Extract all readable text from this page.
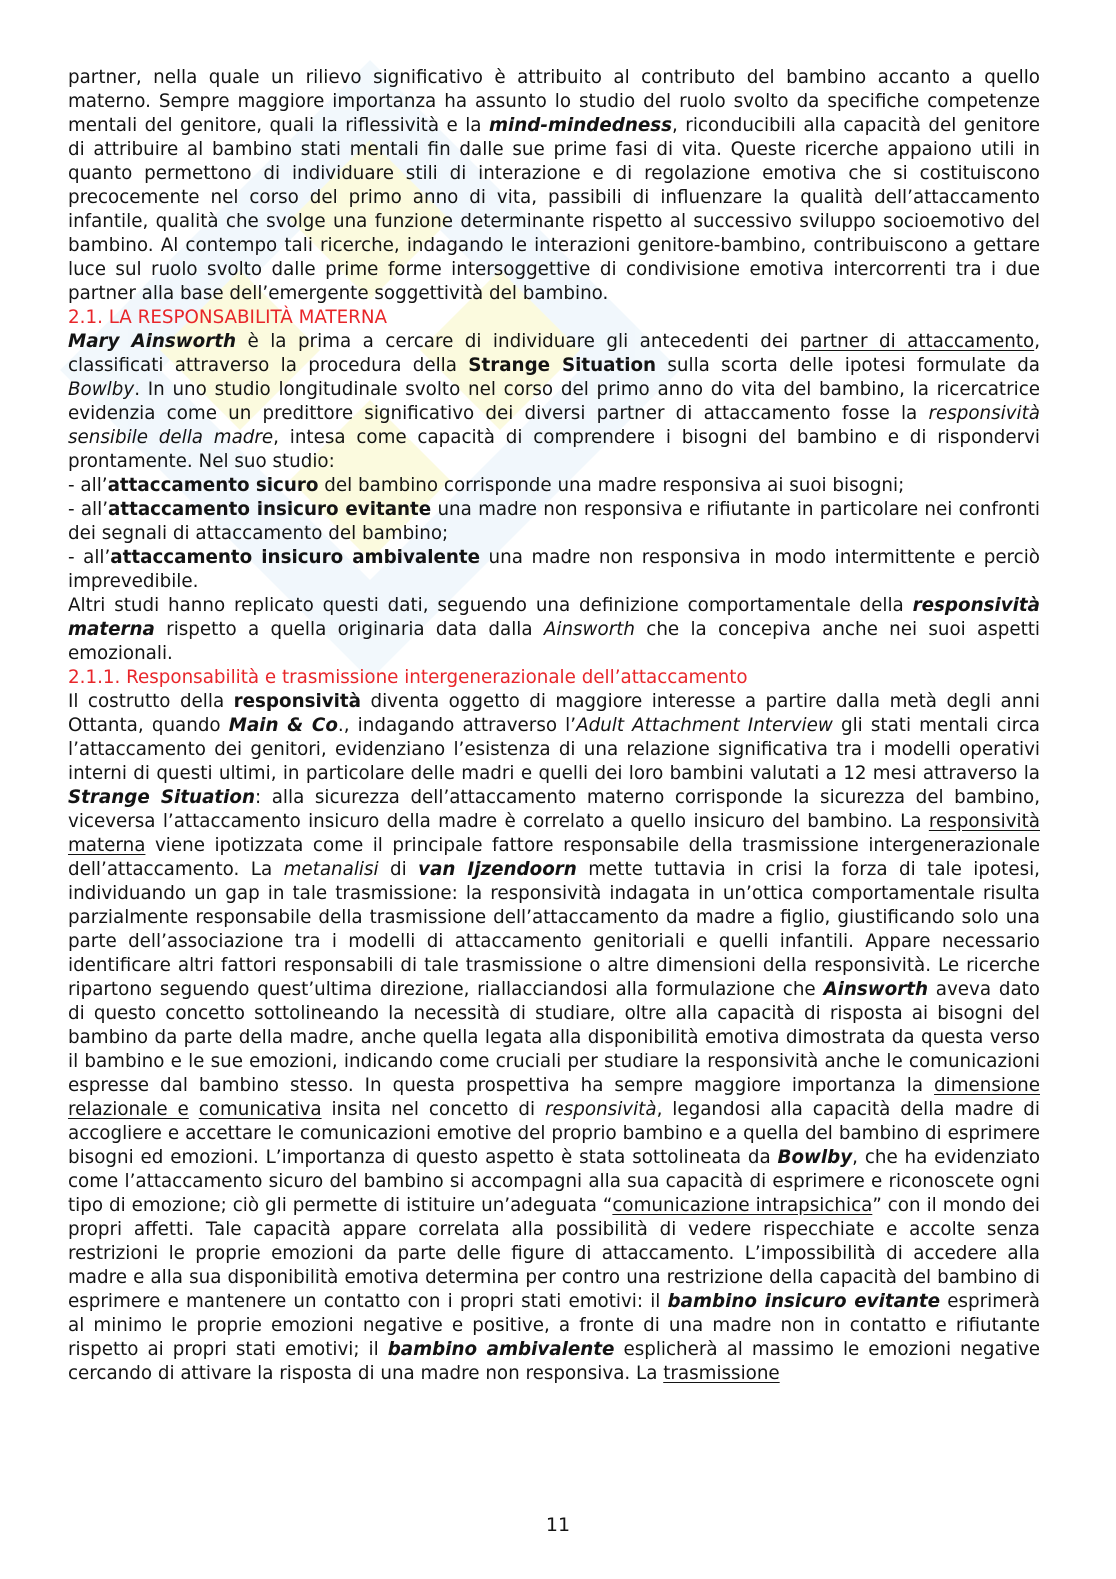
partner, nella quale un rilievo significativo è attribuito al contributo del bambino accanto a quello materno. Sempre maggiore importanza ha assunto lo studio del ruolo svolto da specifiche competenze mentali del genitore, quali la riflessività e la mind-mindedness, riconducibili alla capacità del genitore di attribuire al bambino stati mentali fin dalle sue prime fasi di vita. Queste ricerche appaiono utili in quanto permettono di individuare stili di interazione e di regolazione emotiva che si costituiscono precocemente nel corso del primo anno di vita, passibili di influenzare la qualità dell’attaccamento infantile, qualità che svolge una funzione determinante rispetto al successivo sviluppo socioemotivo del bambino. Al contempo tali ricerche, indagando le interazioni genitore-bambino, contribuiscono a gettare luce sul ruolo svolto dalle prime forme intersoggettive di condivisione emotiva intercorrenti tra i due partner alla base dell’emergente soggettività del bambino.

2.1. LA RESPONSABILITÀ MATERNA

Mary Ainsworth è la prima a cercare di individuare gli antecedenti dei partner di attaccamento, classificati attraverso la procedura della Strange Situation sulla scorta delle ipotesi formulate da Bowlby. In uno studio longitudinale svolto nel corso del primo anno do vita del bambino, la ricercatrice evidenzia come un predittore significativo dei diversi partner di attaccamento fosse la responsività sensibile della madre, intesa come capacità di comprendere i bisogni del bambino e di rispondervi prontamente. Nel suo studio:

- all’attaccamento sicuro del bambino corrisponde una madre responsiva ai suoi bisogni;

- all’attaccamento insicuro evitante una madre non responsiva e rifiutante in particolare nei confronti dei segnali di attaccamento del bambino;

- all’attaccamento insicuro ambivalente una madre non responsiva in modo intermittente e perciò imprevedibile.

Altri studi hanno replicato questi dati, seguendo una definizione comportamentale della responsività materna rispetto a quella originaria data dalla Ainsworth che la concepiva anche nei suoi aspetti emozionali.

2.1.1. Responsabilità e trasmissione intergenerazionale dell’attaccamento

Il costrutto della responsività diventa oggetto di maggiore interesse a partire dalla metà degli anni Ottanta, quando Main & Co., indagando attraverso l’Adult Attachment Interview gli stati mentali circa l’attaccamento dei genitori, evidenziano l’esistenza di una relazione significativa tra i modelli operativi interni di questi ultimi, in particolare delle madri e quelli dei loro bambini valutati a 12 mesi attraverso la Strange Situation: alla sicurezza dell’attaccamento materno corrisponde la sicurezza del bambino, viceversa l’attaccamento insicuro della madre è correlato a quello insicuro del bambino. La responsività materna viene ipotizzata come il principale fattore responsabile della trasmissione intergenerazionale dell’attaccamento. La metanalisi di van Ijzendoorn mette tuttavia in crisi la forza di tale ipotesi, individuando un gap in tale trasmissione: la responsività indagata in un’ottica comportamentale risulta parzialmente responsabile della trasmissione dell’attaccamento da madre a figlio, giustificando solo una parte dell’associazione tra i modelli di attaccamento genitoriali e quelli infantili. Appare necessario identificare altri fattori responsabili di tale trasmissione o altre dimensioni della responsività. Le ricerche ripartono seguendo quest’ultima direzione, riallacciandosi alla formulazione che Ainsworth aveva dato di questo concetto sottolineando la necessità di studiare, oltre alla capacità di risposta ai bisogni del bambino da parte della madre, anche quella legata alla disponibilità emotiva dimostrata da questa verso il bambino e le sue emozioni, indicando come cruciali per studiare la responsività anche le comunicazioni espresse dal bambino stesso. In questa prospettiva ha sempre maggiore importanza la dimensione relazionale e comunicativa insita nel concetto di responsività, legandosi alla capacità della madre di accogliere e accettare le comunicazioni emotive del proprio bambino e a quella del bambino di esprimere bisogni ed emozioni. L’importanza di questo aspetto è stata sottolineata da Bowlby, che ha evidenziato come l’attaccamento sicuro del bambino si accompagni alla sua capacità di esprimere e riconoscete ogni tipo di emozione; ciò gli permette di istituire un’adeguata “comunicazione intrapsichica” con il mondo dei propri affetti. Tale capacità appare correlata alla possibilità di vedere rispecchiate e accolte senza restrizioni le proprie emozioni da parte delle figure di attaccamento. L’impossibilità di accedere alla madre e alla sua disponibilità emotiva determina per contro una restrizione della capacità del bambino di esprimere e mantenere un contatto con i propri stati emotivi: il bambino insicuro evitante esprimerà al minimo le proprie emozioni negative e positive, a fronte di una madre non in contatto e rifiutante rispetto ai propri stati emotivi; il bambino ambivalente esplicherà al massimo le emozioni negative cercando di attivare la risposta di una madre non responsiva. La trasmissione

11
